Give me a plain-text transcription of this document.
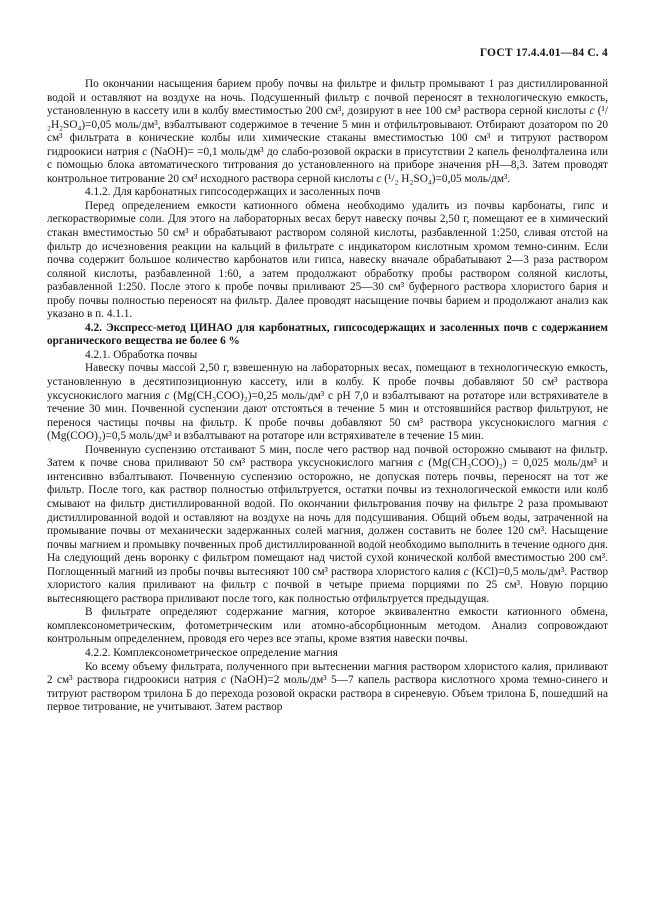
ГОСТ 17.4.4.01—84 С. 4
По окончании насыщения барием пробу почвы на фильтре и фильтр промывают 1 раз дистиллированной водой и оставляют на воздухе на ночь. Подсушенный фильтр с почвой переносят в технологическую емкость, установленную в кассету или в колбу вместимостью 200 см³, дозируют в нее 100 см³ раствора серной кислоты c (¹/₂H₂SO₄)=0,05 моль/дм³, взбалтывают содержимое в течение 5 мин и отфильтровывают. Отбирают дозатором по 20 см³ фильтрата в конические колбы или химические стаканы вместимостью 100 см³ и титруют раствором гидроокиси натрия c (NaOH)= =0,1 моль/дм³ до слабо-розовой окраски в присутствии 2 капель фенолфталеина или с помощью блока автоматического титрования до установленного на приборе значения pH—8,3. Затем проводят контрольное титрование 20 см³ исходного раствора серной кислоты c (¹/₂ H₂SO₄)=0,05 моль/дм³.
4.1.2. Для карбонатных гипсосодержащих и засоленных почв
Перед определением емкости катионного обмена необходимо удалить из почвы карбонаты, гипс и легкорастворимые соли. Для этого на лабораторных весах берут навеску почвы 2,50 г, помещают ее в химический стакан вместимостью 50 см³ и обрабатывают раствором соляной кислоты, разбавленной 1:250, сливая отстой на фильтр до исчезновения реакции на кальций в фильтрате с индикатором кислотным хромом темно-синим. Если почва содержит большое количество карбонатов или гипса, навеску вначале обрабатывают 2—3 раза раствором соляной кислоты, разбавленной 1:60, а затем продолжают обработку пробы раствором соляной кислоты, разбавленной 1:250. После этого к пробе почвы приливают 25—30 см³ буферного раствора хлористого бария и пробу почвы полностью переносят на фильтр. Далее проводят насыщение почвы барием и продолжают анализ как указано в п. 4.1.1.
4.2. Экспресс-метод ЦИНАО для карбонатных, гипсосодержащих и засоленных почв с содержанием органического вещества не более 6 %
4.2.1. Обработка почвы
Навеску почвы массой 2,50 г, взвешенную на лабораторных весах, помещают в технологическую емкость, установленную в десятипозиционную кассету, или в колбу. К пробе почвы добавляют 50 см³ раствора уксуснокислого магния c (Mg(CH₃COO)₂)=0,25 моль/дм³ с pH 7,0 и взбалтывают на ротаторе или встряхивателе в течение 30 мин. Почвенной суспензии дают отстояться в течение 5 мин и отстоявшийся раствор фильтруют, не перенося частицы почвы на фильтр. К пробе почвы добавляют 50 см³ раствора уксуснокислого магния c (Mg(COO)₂)=0,5 моль/дм³ и взбалтывают на ротаторе или встряхивателе в течение 15 мин.
Почвенную суспензию отстаивают 5 мин, после чего раствор над почвой осторожно смывают на фильтр. Затем к почве снова приливают 50 см³ раствора уксуснокислого магния c (Mg(CH₃COO)₂) = 0,025 моль/дм³ и интенсивно взбалтывают. Почвенную суспензию осторожно, не допуская потерь почвы, переносят на тот же фильтр. После того, как раствор полностью отфильтруется, остатки почвы из технологической емкости или колб смывают на фильтр дистиллированной водой. По окончании фильтрования почву на фильтре 2 раза промывают дистиллированной водой и оставляют на воздухе на ночь для подсушивания. Общий объем воды, затраченной на промывание почвы от механически задержанных солей магния, должен составить не более 120 см³. Насыщение почвы магнием и промывку почвенных проб дистиллированной водой необходимо выполнить в течение одного дня. На следующий день воронку с фильтром помещают над чистой сухой конической колбой вместимостью 200 см³. Поглощенный магний из пробы почвы вытесняют 100 см³ раствора хлористого калия c (KCl)=0,5 моль/дм³. Раствор хлористого калия приливают на фильтр с почвой в четыре приема порциями по 25 см³. Новую порцию вытесняющего раствора приливают после того, как полностью отфильтруется предыдущая.
В фильтрате определяют содержание магния, которое эквивалентно емкости катионного обмена, комплексонометрическим, фотометрическим или атомно-абсорбционным методом. Анализ сопровождают контрольным определением, проводя его через все этапы, кроме взятия навески почвы.
4.2.2. Комплексонометрическое определение магния
Ко всему объему фильтрата, полученного при вытеснении магния раствором хлористого калия, приливают 2 см³ раствора гидроокиси натрия c (NaOH)=2 моль/дм³ 5—7 капель раствора кислотного хрома темно-синего и титруют раствором трилона Б до перехода розовой окраски раствора в сиреневую. Объем трилона Б, пошедший на первое титрование, не учитывают. Затем раствор
